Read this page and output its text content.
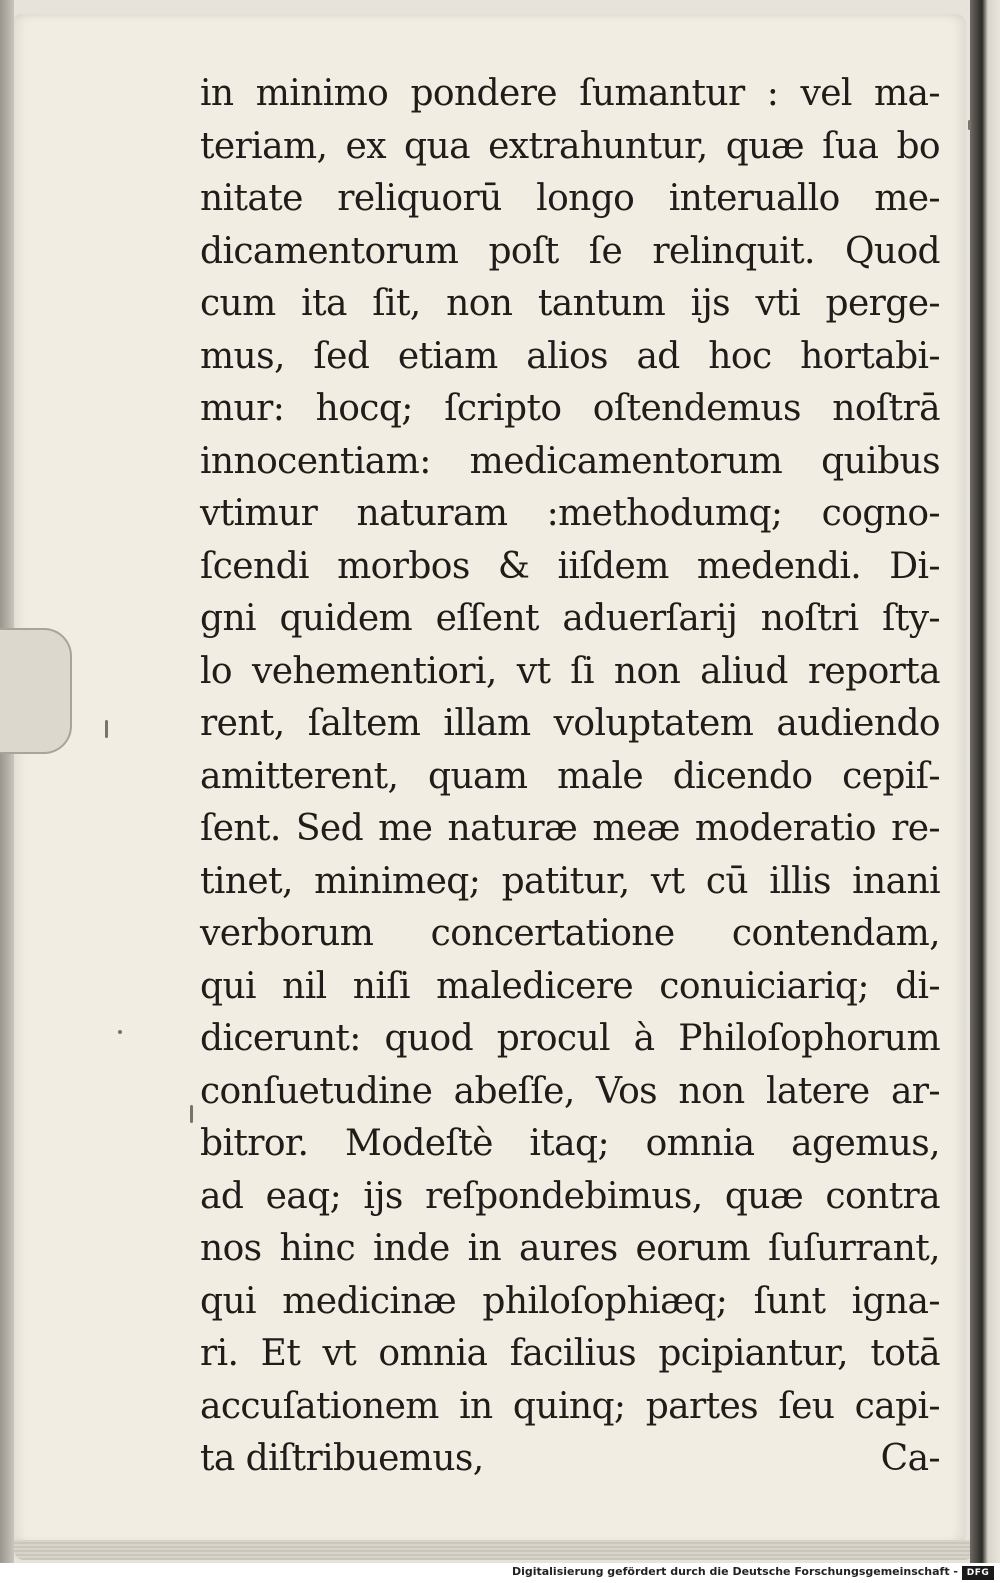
in minimo pondere ſumantur : vel ma-
teriam, ex qua extrahuntur, quæ ſua bo
nitate reliquorū longo interuallo me-
dicamentorum poſt ſe relinquit. Quod
cum ita ſit, non tantum ijs vti perge-
mus, ſed etiam alios ad hoc hortabi-
mur: hocq; ſcripto oſtendemus noſtrā
innocentiam: medicamentorum quibus
vtimur naturam :methodumq; cogno-
ſcendi morbos & iiſdem medendi. Di-
gni quidem eſſent aduerſarij noſtri ſty-
lo vehementiori, vt ſi non aliud reporta
rent, ſaltem illam voluptatem audiendo
amitterent, quam male dicendo cepiſ-
ſent. Sed me naturæ meæ moderatio re-
tinet, minimeq; patitur, vt cū illis inani
verborum concertatione contendam,
qui nil niſi maledicere conuiciariq; di-
dicerunt: quod procul à Philoſophorum
conſuetudine abeſſe, Vos non latere ar-
bitror. Modeſtè itaq; omnia agemus,
ad eaq; ijs reſpondebimus, quæ contra
nos hinc inde in aures eorum ſuſurrant,
qui medicinæ philoſophiæq; ſunt igna-
ri. Et vt omnia facilius pcipiantur, totā
accuſationem in quinq; partes ſeu capi-
ta diſtribuemus,	Ca-
Digitalisierung gefördert durch die Deutsche Forschungsgemeinschaft - DFG
